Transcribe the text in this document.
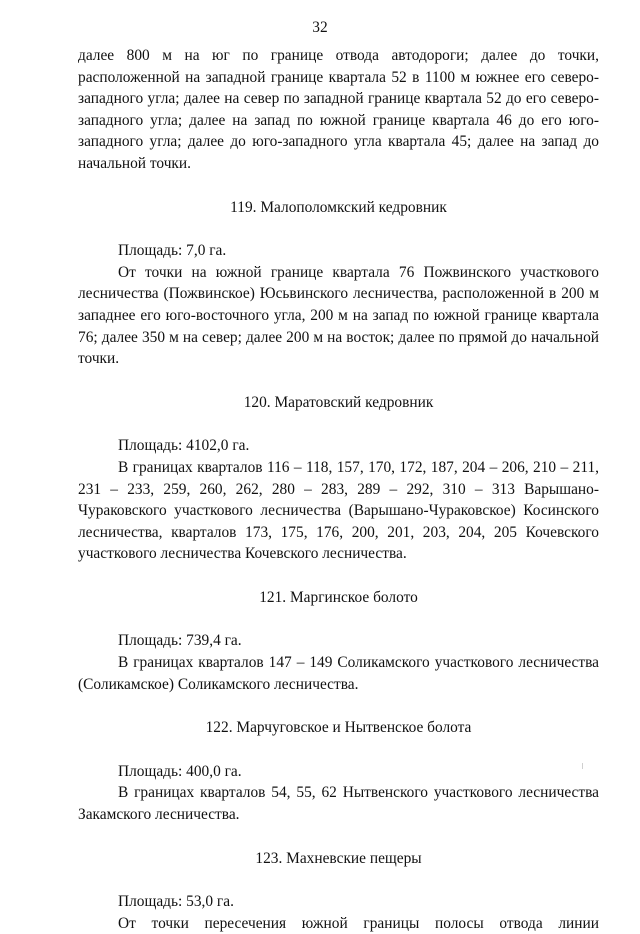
32

далее 800 м на юг по границе отвода автодороги; далее до точки, расположенной на западной границе квартала 52 в 1100 м южнее его северо-западного угла; далее на север по западной границе квартала 52 до его северо-западного угла; далее на запад по южной границе квартала 46 до его юго-западного угла; далее до юго-западного угла квартала 45; далее на запад до начальной точки.

119. Малополомкский кедровник

Площадь: 7,0 га.

От точки на южной границе квартала 76 Пожвинского участкового лесничества (Пожвинское) Юсьвинского лесничества, расположенной в 200 м западнее его юго-восточного угла, 200 м на запад по южной границе квартала 76; далее 350 м на север; далее 200 м на восток; далее по прямой до начальной точки.

120. Маратовский кедровник

Площадь: 4102,0 га.

В границах кварталов 116 – 118, 157, 170, 172, 187, 204 – 206, 210 – 211, 231 – 233, 259, 260, 262, 280 – 283, 289 – 292, 310 – 313 Варышано-Чураковского участкового лесничества (Варышано-Чураковское) Косинского лесничества, кварталов 173, 175, 176, 200, 201, 203, 204, 205 Кочевского участкового лесничества Кочевского лесничества.

121. Маргинское болото

Площадь: 739,4 га.

В границах кварталов 147 – 149 Соликамского участкового лесничества (Соликамское) Соликамского лесничества.

122. Марчуговское и Нытвенское болота

Площадь: 400,0 га.

В границах кварталов 54, 55, 62 Нытвенского участкового лесничества Закамского лесничества.

123. Махневские пещеры

Площадь: 53,0 га.

От точки пересечения южной границы полосы отвода линии
